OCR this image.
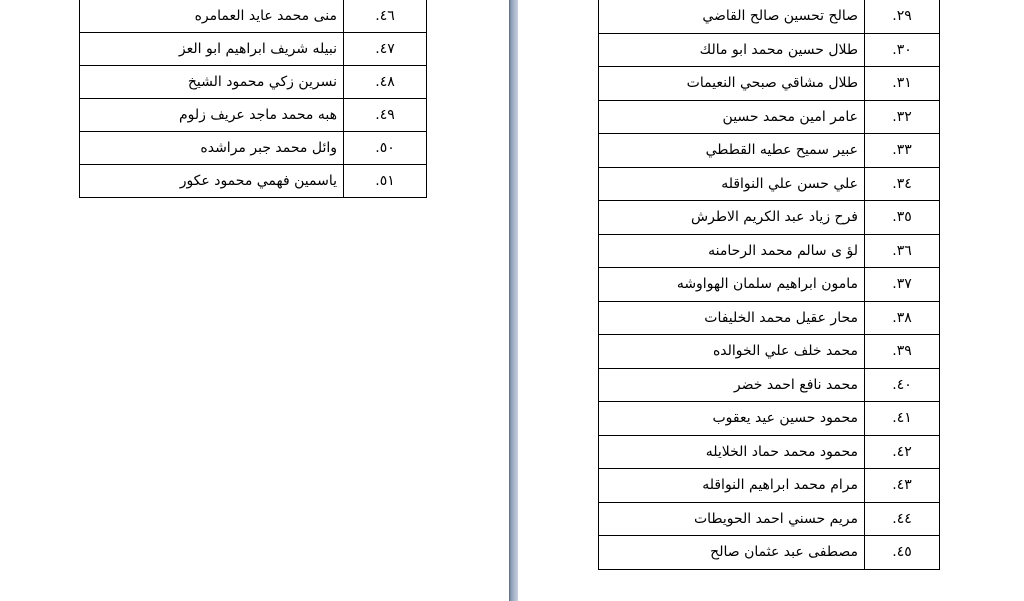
٤٦.	منى محمد عايد العمامره
٤٧.	نبيله شريف ابراهيم ابو العز
٤٨.	نسرين زكي محمود الشيخ
٤٩.	هبه محمد ماجد عريف زلوم
٥٠.	وائل محمد جبر مراشده
٥١.	ياسمين فهمي محمود عكور
٢٩.	صالح تحسين صالح القاضي
٣٠.	طلال حسين محمد ابو مالك
٣١.	طلال مشاقي صبحي النعيمات
٣٢.	عامر امين محمد حسين
٣٣.	عبير سميح عطيه القططي
٣٤.	علي حسن علي النواقله
٣٥.	فرح زياد عبد الكريم الاطرش
٣٦.	لؤ ى سالم محمد الرحامنه
٣٧.	مامون ابراهيم سلمان الهواوشه
٣٨.	محار عقيل محمد الخليفات
٣٩.	محمد خلف علي الخوالده
٤٠.	محمد نافع احمد خضر
٤١.	محمود حسين عيد يعقوب
٤٢.	محمود محمد حماد الخلايله
٤٣.	مرام محمد ابراهيم النواقله
٤٤.	مريم حسني احمد الحويطات
٤٥.	مصطفى عبد عثمان صالح
